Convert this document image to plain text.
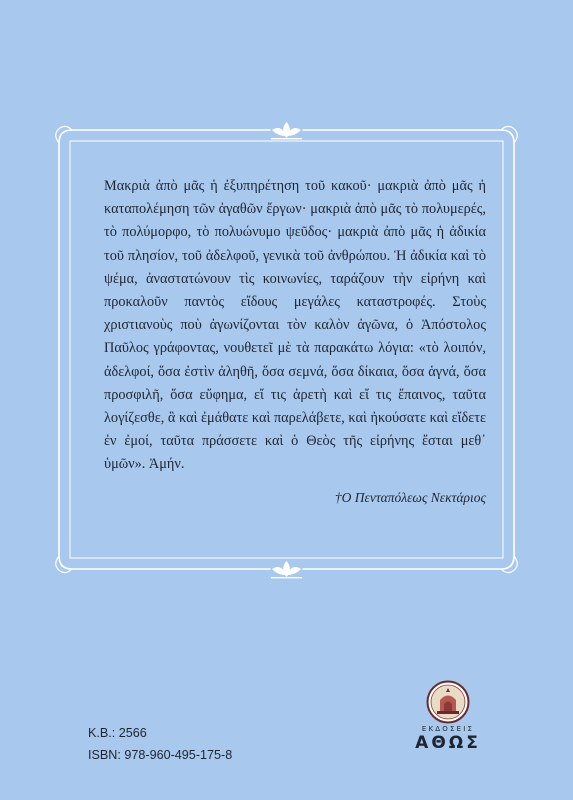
Μακριὰ ἀπὸ μᾶς ἡ ἐξυπηρέτηση τοῦ κακοῦ· μακριὰ ἀπὸ μᾶς ἡ καταπολέμηση τῶν ἀγαθῶν ἔργων· μακριὰ ἀπὸ μᾶς τὸ πολυμερές, τὸ πολύμορφο, τὸ πολυώνυμο ψεῦδος· μακριὰ ἀπὸ μᾶς ἡ ἀδικία τοῦ πλησίον, τοῦ ἀδελφοῦ, γενικὰ τοῦ ἀνθρώπου. Ἡ ἀδικία καὶ τὸ ψέμα, ἀναστατώνουν τὶς κοινωνίες, ταράζουν τὴν εἰρήνη καὶ προκαλοῦν παντὸς εἴδους μεγάλες καταστροφές. Στοὺς χριστιανοὺς ποὺ ἀγωνίζονται τὸν καλὸν ἀγῶνα, ὁ Ἀπόστολος Παῦλος γράφοντας, νουθετεῖ μὲ τὰ παρακάτω λόγια: «τὸ λοιπόν, ἀδελφοί, ὅσα ἐστὶν ἀληθῆ, ὅσα σεμνά, ὅσα δίκαια, ὅσα ἁγνά, ὅσα προσφιλῆ, ὅσα εὔφημα, εἴ τις ἀρετὴ καὶ εἴ τις ἔπαινος, ταῦτα λογίζεσθε, ἃ καὶ ἐμάθατε καὶ παρελάβετε, καὶ ἠκούσατε καὶ εἴδετε ἐν ἐμοί, ταῦτα πράσσετε καὶ ὁ Θεὸς τῆς εἰρήνης ἔσται μεθ᾽ ὑμῶν». Ἀμήν.

†Ο Πενταπόλεως Νεκτάριος
Κ.Β.: 2566
ISBN: 978-960-495-175-8
ΕΚΔΟΣΕΙΣ
ΑΘΩΣ
